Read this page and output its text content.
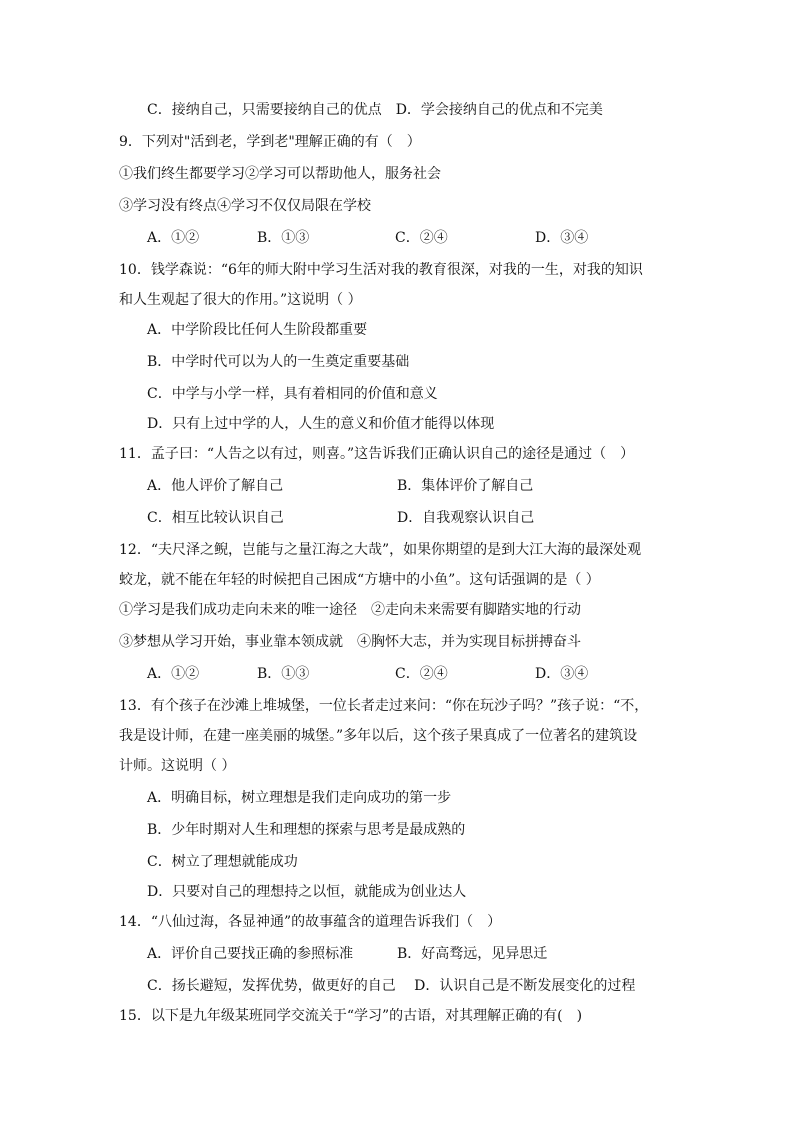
C．接纳自己，只需要接纳自己的优点　D．学会接纳自己的优点和不完美
9．下列对"活到老，学到老"理解正确的有（　）
①我们终生都要学习②学习可以帮助他人，服务社会
③学习没有终点④学习不仅仅局限在学校
A．①②	B．①③	C．②④	D．③④
10．钱学森说：“6年的师大附中学习生活对我的教育很深，对我的一生，对我的知识
和人生观起了很大的作用。”这说明（ ）
A．中学阶段比任何人生阶段都重要
B．中学时代可以为人的一生奠定重要基础
C．中学与小学一样，具有着相同的价值和意义
D．只有上过中学的人，人生的意义和价值才能得以体现
11．孟子曰：“人告之以有过，则喜。”这告诉我们正确认识自己的途径是通过（　）
A．他人评价了解自己	B．集体评价了解自己
C．相互比较认识自己	D．自我观察认识自己
12．“夫尺泽之鲵，岂能与之量江海之大哉”，如果你期望的是到大江大海的最深处观
蛟龙，就不能在年轻的时候把自己困成“方塘中的小鱼”。这句话强调的是（ ）
①学习是我们成功走向未来的唯一途径　②走向未来需要有脚踏实地的行动
③梦想从学习开始，事业靠本领成就　④胸怀大志，并为实现目标拼搏奋斗
A．①②	B．①③	C．②④	D．③④
13．有个孩子在沙滩上堆城堡，一位长者走过来问：“你在玩沙子吗？”孩子说：“不，
我是设计师，在建一座美丽的城堡。”多年以后，这个孩子果真成了一位著名的建筑设
计师。这说明（ ）
A．明确目标，树立理想是我们走向成功的第一步
B．少年时期对人生和理想的探索与思考是最成熟的
C．树立了理想就能成功
D．只要对自己的理想持之以恒，就能成为创业达人
14．“八仙过海，各显神通”的故事蕴含的道理告诉我们（　）
A．评价自己要找正确的参照标准	B．好高骛远，见异思迁
C．扬长避短，发挥优势，做更好的自己　 D．认识自己是不断发展变化的过程
15．以下是九年级某班同学交流关于“学习”的古语，对其理解正确的有(　)
